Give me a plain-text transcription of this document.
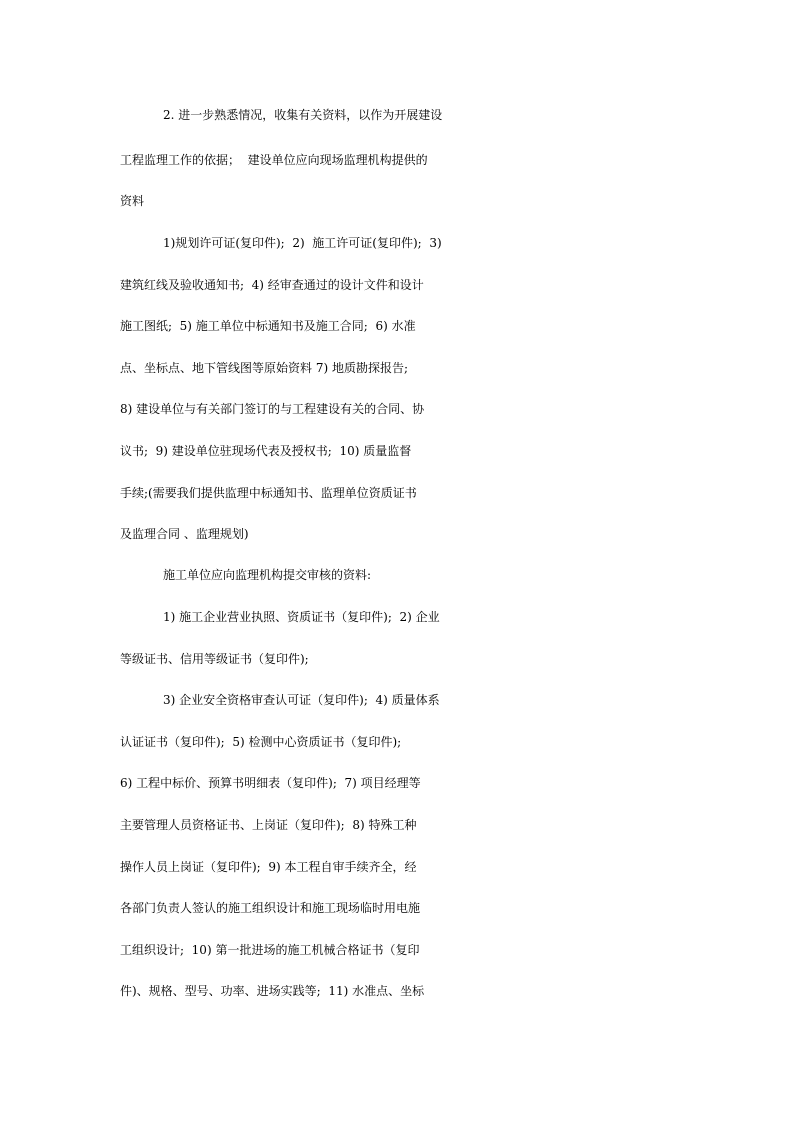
2. 进一步熟悉情况，收集有关资料，以作为开展建设
工程监理工作的依据；  建设单位应向现场监理机构提供的
资料
1)规划许可证(复印件);  2)  施工许可证(复印件);  3)
建筑红线及验收通知书;  4) 经审查通过的设计文件和设计
施工图纸;  5) 施工单位中标通知书及施工合同;  6) 水准
点、坐标点、地下管线图等原始资料 7) 地质勘探报告;
8) 建设单位与有关部门签订的与工程建设有关的合同、协
议书;  9) 建设单位驻现场代表及授权书;  10) 质量监督
手续;(需要我们提供监理中标通知书、监理单位资质证书
及监理合同 、监理规划)
施工单位应向监理机构提交审核的资料:
1) 施工企业营业执照、资质证书（复印件);  2) 企业
等级证书、信用等级证书（复印件);
3) 企业安全资格审查认可证（复印件);  4) 质量体系
认证证书（复印件);  5) 检测中心资质证书（复印件);
6) 工程中标价、预算书明细表（复印件);  7) 项目经理等
主要管理人员资格证书、上岗证（复印件);  8) 特殊工种
操作人员上岗证（复印件);  9) 本工程自审手续齐全，经
各部门负责人签认的施工组织设计和施工现场临时用电施
工组织设计;  10) 第一批进场的施工机械合格证书（复印
件)、规格、型号、功率、进场实践等;  11) 水准点、坐标
